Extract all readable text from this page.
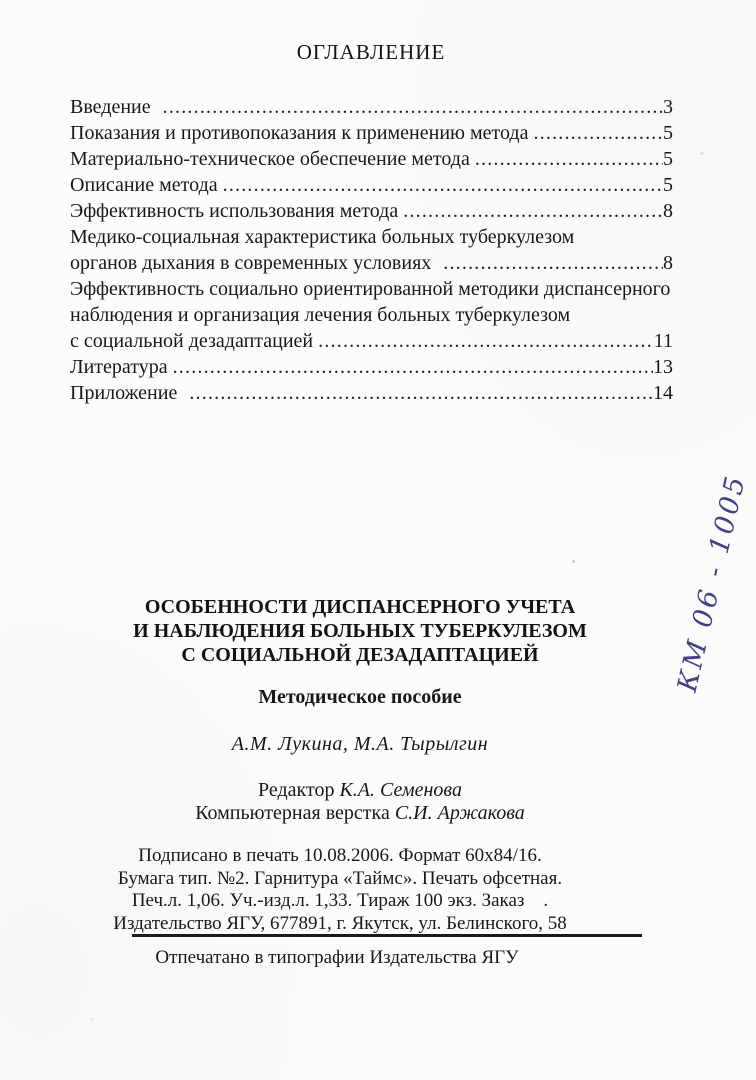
ОГЛАВЛЕНИЕ
Введение .....	3
Показания и противопоказания к применению метода .....	5
Материально-техническое обеспечение метода .....	5
Описание метода .....	5
Эффективность использования метода .....	8
Медико-социальная характеристика больных туберкулезом
органов дыхания в современных условиях .....	8
Эффективность социально ориентированной методики диспансерного
наблюдения и организация лечения больных туберкулезом
с социальной дезадаптацией .....	11
Литература .....	13
Приложение .....	14
КМ 06 - 1005
ОСОБЕННОСТИ ДИСПАНСЕРНОГО УЧЕТА
И НАБЛЮДЕНИЯ БОЛЬНЫХ ТУБЕРКУЛЕЗОМ
С СОЦИАЛЬНОЙ ДЕЗАДАПТАЦИЕЙ
Методическое пособие
А.М. Лукина, М.А. Тырылгин
Редактор К.А. Семенова
Компьютерная верстка С.И. Аржакова
Подписано в печать 10.08.2006. Формат 60х84/16.
Бумага тип. №2. Гарнитура «Таймс». Печать офсетная.
Печ.л. 1,06. Уч.-изд.л. 1,33. Тираж 100 экз. Заказ    .
Издательство ЯГУ, 677891, г. Якутск, ул. Белинского, 58
Отпечатано в типографии Издательства ЯГУ
